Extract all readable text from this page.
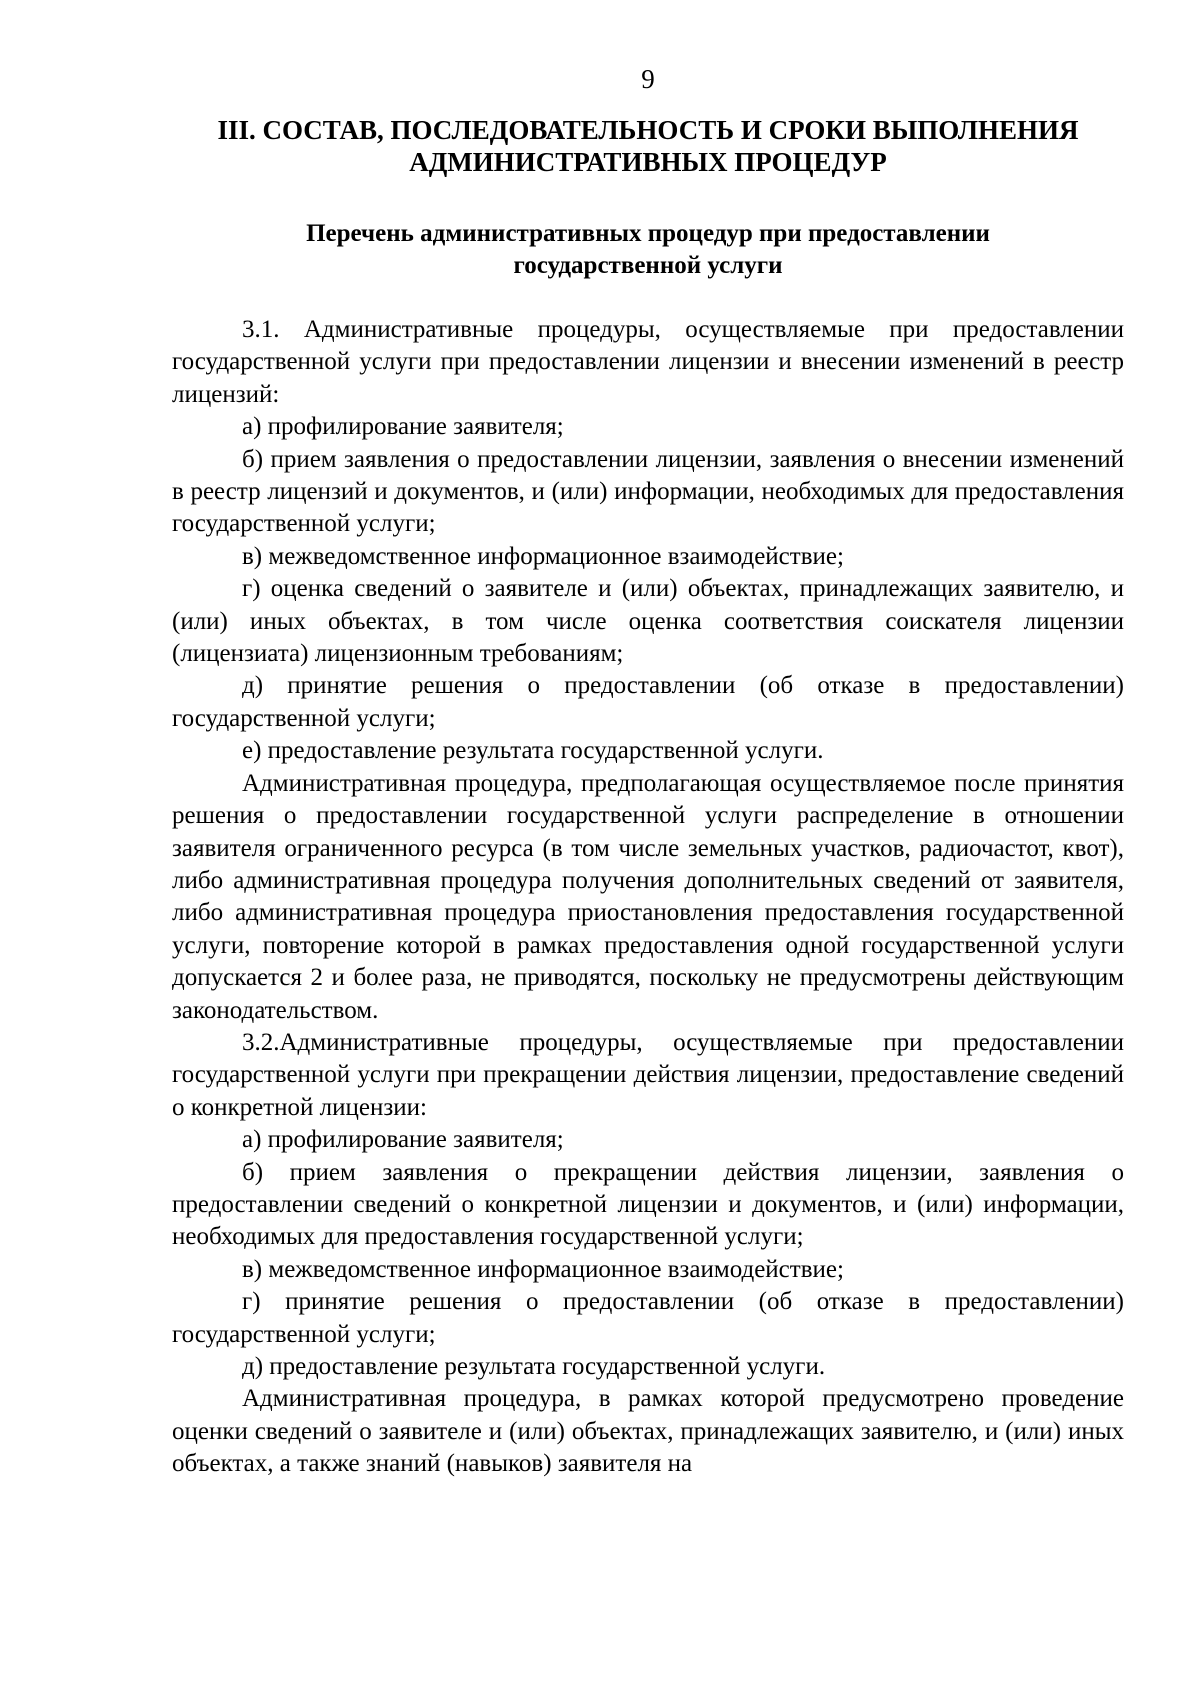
9
III. СОСТАВ, ПОСЛЕДОВАТЕЛЬНОСТЬ И СРОКИ ВЫПОЛНЕНИЯ
АДМИНИСТРАТИВНЫХ ПРОЦЕДУР
Перечень административных процедур при предоставлении
государственной услуги

3.1. Административные процедуры, осуществляемые при предоставлении государственной услуги при предоставлении лицензии и внесении изменений в реестр лицензий:

а) профилирование заявителя;

б) прием заявления о предоставлении лицензии, заявления о внесении изменений в реестр лицензий и документов, и (или) информации, необходимых для предоставления государственной услуги;

в) межведомственное информационное взаимодействие;

г) оценка сведений о заявителе и (или) объектах, принадлежащих заявителю, и (или) иных объектах, в том числе оценка соответствия соискателя лицензии (лицензиата) лицензионным требованиям;

д) принятие решения о предоставлении (об отказе в предоставлении) государственной услуги;

е) предоставление результата государственной услуги.

Административная процедура, предполагающая осуществляемое после принятия решения о предоставлении государственной услуги распределение в отношении заявителя ограниченного ресурса (в том числе земельных участков, радиочастот, квот), либо административная процедура получения дополнительных сведений от заявителя, либо административная процедура приостановления предоставления государственной услуги, повторение которой в рамках предоставления одной государственной услуги допускается 2 и более раза, не приводятся, поскольку не предусмотрены действующим законодательством.

3.2.Административные процедуры, осуществляемые при предоставлении государственной услуги при прекращении действия лицензии, предоставление сведений о конкретной лицензии:

а) профилирование заявителя;

б) прием заявления о прекращении действия лицензии, заявления о предоставлении сведений о конкретной лицензии и документов, и (или) информации, необходимых для предоставления государственной услуги;

в) межведомственное информационное взаимодействие;

г) принятие решения о предоставлении (об отказе в предоставлении) государственной услуги;

д) предоставление результата государственной услуги.

Административная процедура, в рамках которой предусмотрено проведение оценки сведений о заявителе и (или) объектах, принадлежащих заявителю, и (или) иных объектах, а также знаний (навыков) заявителя на
